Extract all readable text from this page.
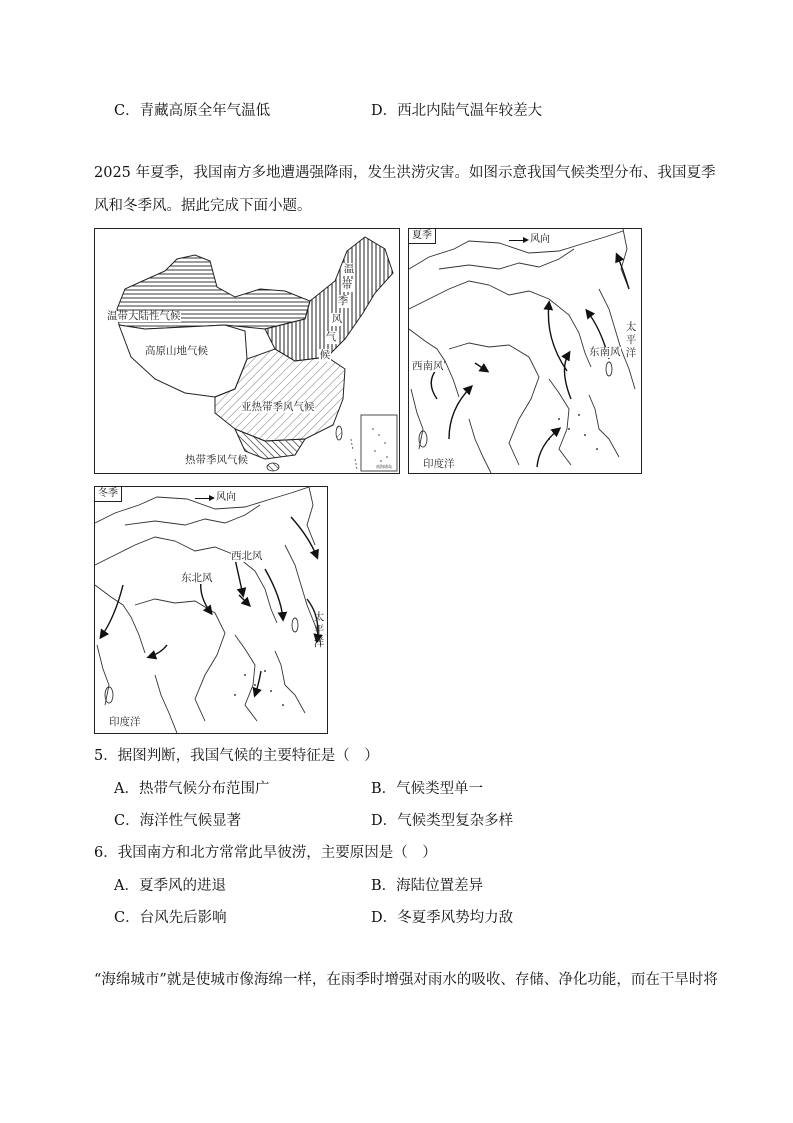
C．青藏高原全年气温低	D．西北内陆气温年较差大
2025 年夏季，我国南方多地遭遇强降雨，发生洪涝灾害。如图示意我国气候类型分布、我国夏季
风和冬季风。据此完成下面小题。
温带大陆性气候
高原山地气候
温
带
季
风
气
候
亚热带季风气候
热带季风气候
南海诸岛
夏季	风向
西南风
东南风
太
平
洋
印度洋
冬季	风向
西北风
东北风
太
平
洋
印度洋
5．据图判断，我国气候的主要特征是（　）
A．热带气候分布范围广	B．气候类型单一
C．海洋性气候显著	D．气候类型复杂多样
6．我国南方和北方常常此旱彼涝，主要原因是（　）
A．夏季风的进退	B．海陆位置差异
C．台风先后影响	D．冬夏季风势均力敌
“海绵城市”就是使城市像海绵一样，在雨季时增强对雨水的吸收、存储、净化功能，而在干旱时将
